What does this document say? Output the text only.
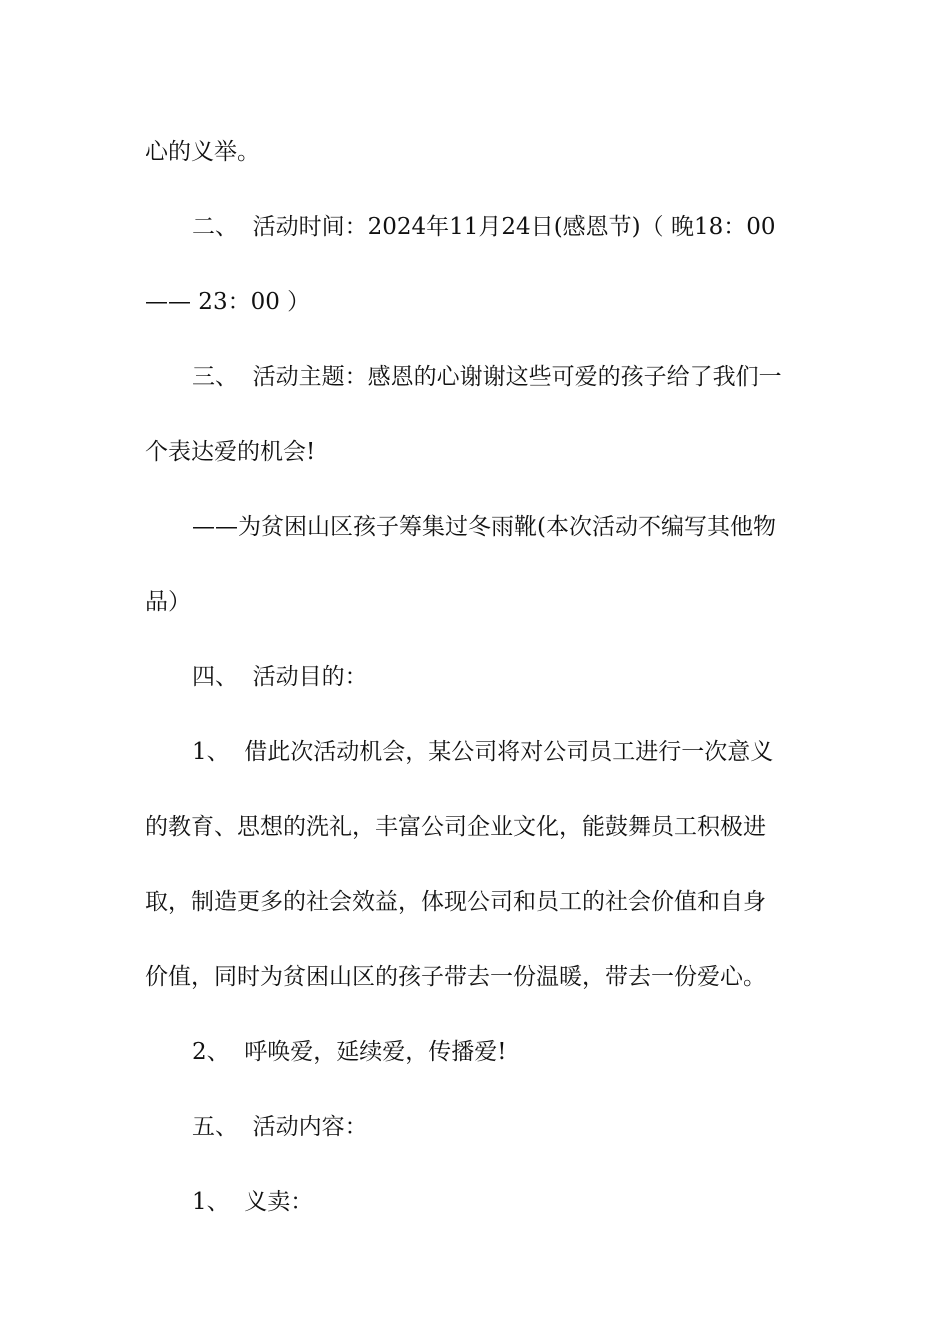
心的义举。
二、  活动时间：2024年11月24日(感恩节)（ 晚18：00
—— 23：00 ）
三、  活动主题：感恩的心谢谢这些可爱的孩子给了我们一
个表达爱的机会!
——为贫困山区孩子筹集过冬雨靴(本次活动不编写其他物
品）
四、  活动目的：
1、  借此次活动机会，某公司将对公司员工进行一次意义
的教育、思想的洗礼，丰富公司企业文化，能鼓舞员工积极进
取，制造更多的社会效益，体现公司和员工的社会价值和自身
价值，同时为贫困山区的孩子带去一份温暖，带去一份爱心。
2、  呼唤爱，延续爱，传播爱!
五、  活动内容：
1、  义卖：
